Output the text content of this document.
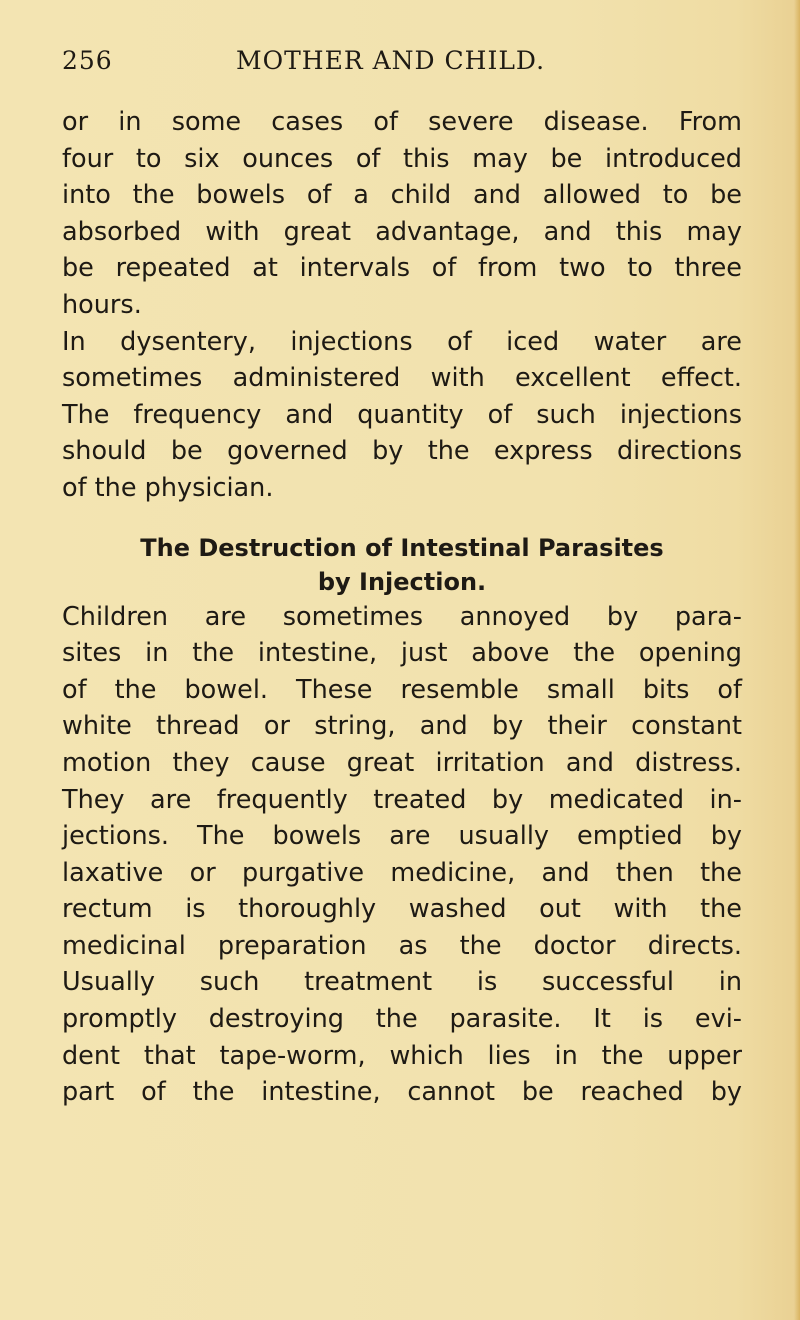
256	MOTHER AND CHILD.
or in some cases of severe disease. From
four to six ounces of this may be introduced
into the bowels of a child and allowed to be
absorbed with great advantage, and this may
be repeated at intervals of from two to three
hours.
In dysentery, injections of iced water are
sometimes administered with excellent effect.
The frequency and quantity of such injections
should be governed by the express directions
of the physician.
The Destruction of Intestinal Parasites
by Injection.
Children are sometimes annoyed by para-
sites in the intestine, just above the opening
of the bowel. These resemble small bits of
white thread or string, and by their constant
motion they cause great irritation and distress.
They are frequently treated by medicated in-
jections. The bowels are usually emptied by
laxative or purgative medicine, and then the
rectum is thoroughly washed out with the
medicinal preparation as the doctor directs.
Usually such treatment is successful in
promptly destroying the parasite. It is evi-
dent that tape-worm, which lies in the upper
part of the intestine, cannot be reached by
